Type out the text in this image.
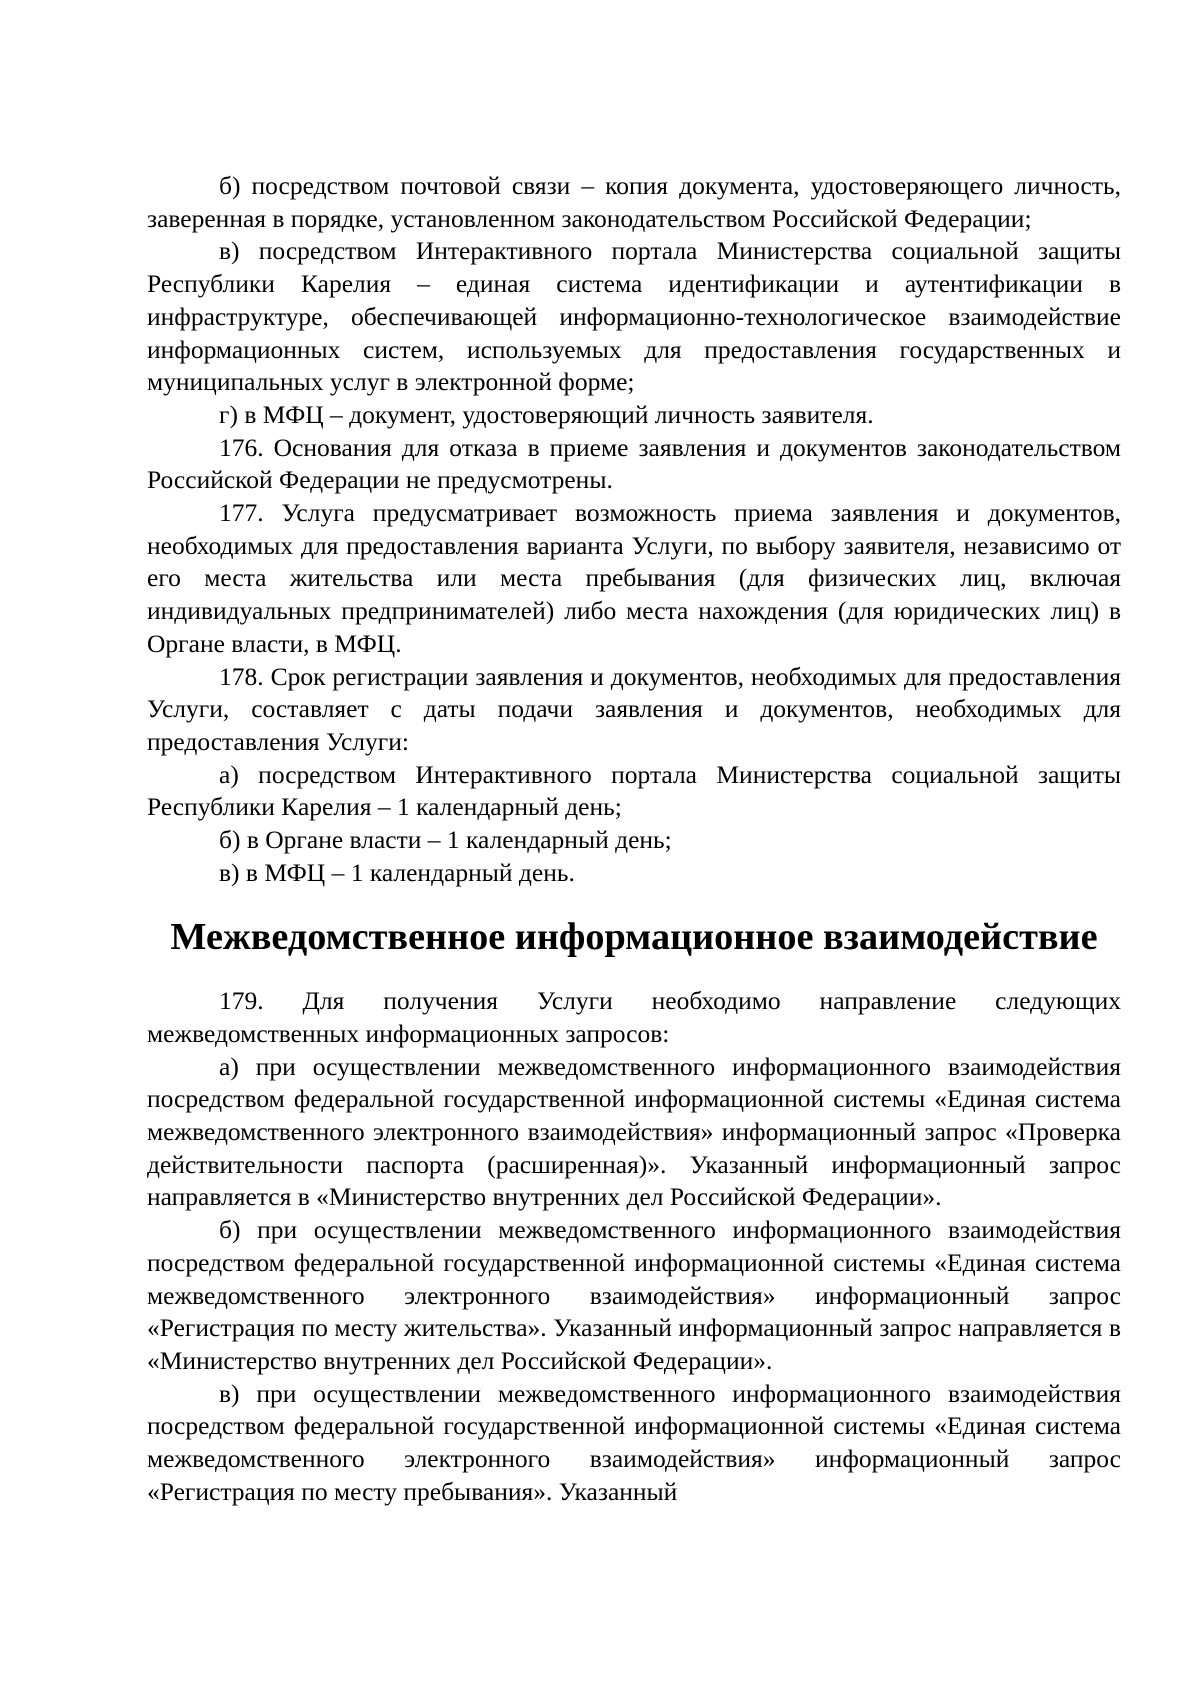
б) посредством почтовой связи – копия документа, удостоверяющего личность, заверенная в порядке, установленном законодательством Российской Федерации;

в) посредством Интерактивного портала Министерства социальной защиты Республики Карелия – единая система идентификации и аутентификации в инфраструктуре, обеспечивающей информационно-технологическое взаимодействие информационных систем, используемых для предоставления государственных и муниципальных услуг в электронной форме;

г) в МФЦ – документ, удостоверяющий личность заявителя.

176. Основания для отказа в приеме заявления и документов законодательством Российской Федерации не предусмотрены.

177. Услуга предусматривает возможность приема заявления и документов, необходимых для предоставления варианта Услуги, по выбору заявителя, независимо от его места жительства или места пребывания (для физических лиц, включая индивидуальных предпринимателей) либо места нахождения (для юридических лиц) в Органе власти, в МФЦ.

178. Срок регистрации заявления и документов, необходимых для предоставления Услуги, составляет с даты подачи заявления и документов, необходимых для предоставления Услуги:

а) посредством Интерактивного портала Министерства социальной защиты Республики Карелия – 1 календарный день;

б) в Органе власти – 1 календарный день;

в) в МФЦ – 1 календарный день.

Межведомственное информационное взаимодействие

179. Для получения Услуги необходимо направление следующих межведомственных информационных запросов:

а) при осуществлении межведомственного информационного взаимодействия посредством федеральной государственной информационной системы «Единая система межведомственного электронного взаимодействия» информационный запрос «Проверка действительности паспорта (расширенная)». Указанный информационный запрос направляется в «Министерство внутренних дел Российской Федерации».

б) при осуществлении межведомственного информационного взаимодействия посредством федеральной государственной информационной системы «Единая система межведомственного электронного взаимодействия» информационный запрос «Регистрация по месту жительства». Указанный информационный запрос направляется в «Министерство внутренних дел Российской Федерации».

в) при осуществлении межведомственного информационного взаимодействия посредством федеральной государственной информационной системы «Единая система межведомственного электронного взаимодействия» информационный запрос «Регистрация по месту пребывания». Указанный
